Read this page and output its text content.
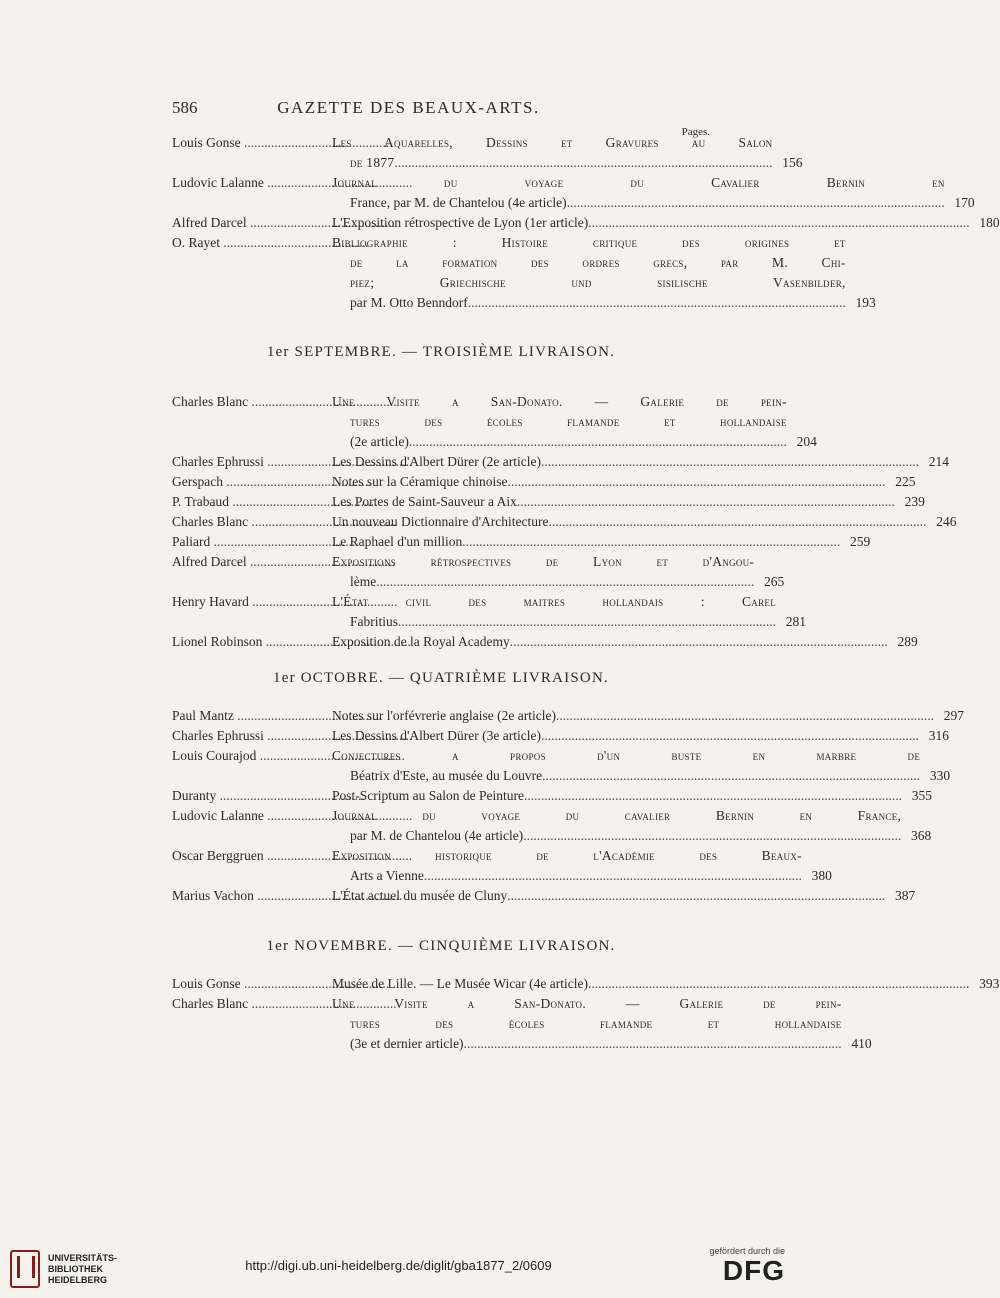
586	GAZETTE DES BEAUX-ARTS.
Pages.
Louis Gonse .....	Les Aquarelles, Dessins et Gravures au Salon
de 1877 .....	156
Ludovic Lalanne .....	Journal du voyage du Cavalier Bernin en
France, par M. de Chantelou (4e article) .....	170
Alfred Darcel .....	L'Exposition rétrospective de Lyon (1er article). .....	180
O. Rayet .....	Bibliographie : Histoire critique des origines et
de la formation des ordres grecs, par M. Chi-
piez; Griechische und sisilische Vasenbilder,
par M. Otto Benndorf .....	193
1er SEPTEMBRE. — TROISIÈME LIVRAISON.
Charles Blanc .....	Une Visite a San-Donato. — Galerie de pein-
tures des écoles flamande et hollandaise
(2e article) .....	204
Charles Ephrussi .....	Les Dessins d'Albert Dürer (2e article) .....	214
Gerspach .....	Notes sur la Céramique chinoise .....	225
P. Trabaud .....	Les Portes de Saint-Sauveur a Aix .....	239
Charles Blanc .....	Un nouveau Dictionnaire d'Architecture .....	246
Paliard .....	Le Raphael d'un million .....	259
Alfred Darcel .....	Expositions rétrospectives de Lyon et d'Angou-
lème .....	265
Henry Havard .....	L'État civil des maitres hollandais : Carel
Fabritius .....	281
Lionel Robinson .....	Exposition de la Royal Academy .....	289
1er OCTOBRE. — QUATRIÈME LIVRAISON.
Paul Mantz .....	Notes sur l'orfévrerie anglaise (2e article) .....	297
Charles Ephrussi .....	Les Dessins d'Albert Dürer (3e article) .....	316
Louis Courajod .....	Conjectures a propos d'un buste en marbre de
Béatrix d'Este, au musée du Louvre .....	330
Duranty .....	Post-Scriptum au Salon de Peinture .....	355
Ludovic Lalanne .....	Journal du voyage du cavalier Bernin en France,
par M. de Chantelou (4e article) .....	368
Oscar Berggruen .....	Exposition historique de l'Académie des Beaux-
Arts a Vienne .....	380
Marius Vachon .....	L'État actuel du musée de Cluny .....	387
1er NOVEMBRE. — CINQUIÈME LIVRAISON.
Louis Gonse .....	Musée de Lille. — Le Musée Wicar (4e article). .....	393
Charles Blanc .....	Une Visite a San-Donato. — Galerie de pein-
tures des écoles flamande et hollandaise
(3e et dernier article) .....	410
UNIVERSITÄTS-
BIBLIOTHEK
HEIDELBERG
http://digi.ub.uni-heidelberg.de/diglit/gba1877_2/0609
gefördert durch die
DFG
